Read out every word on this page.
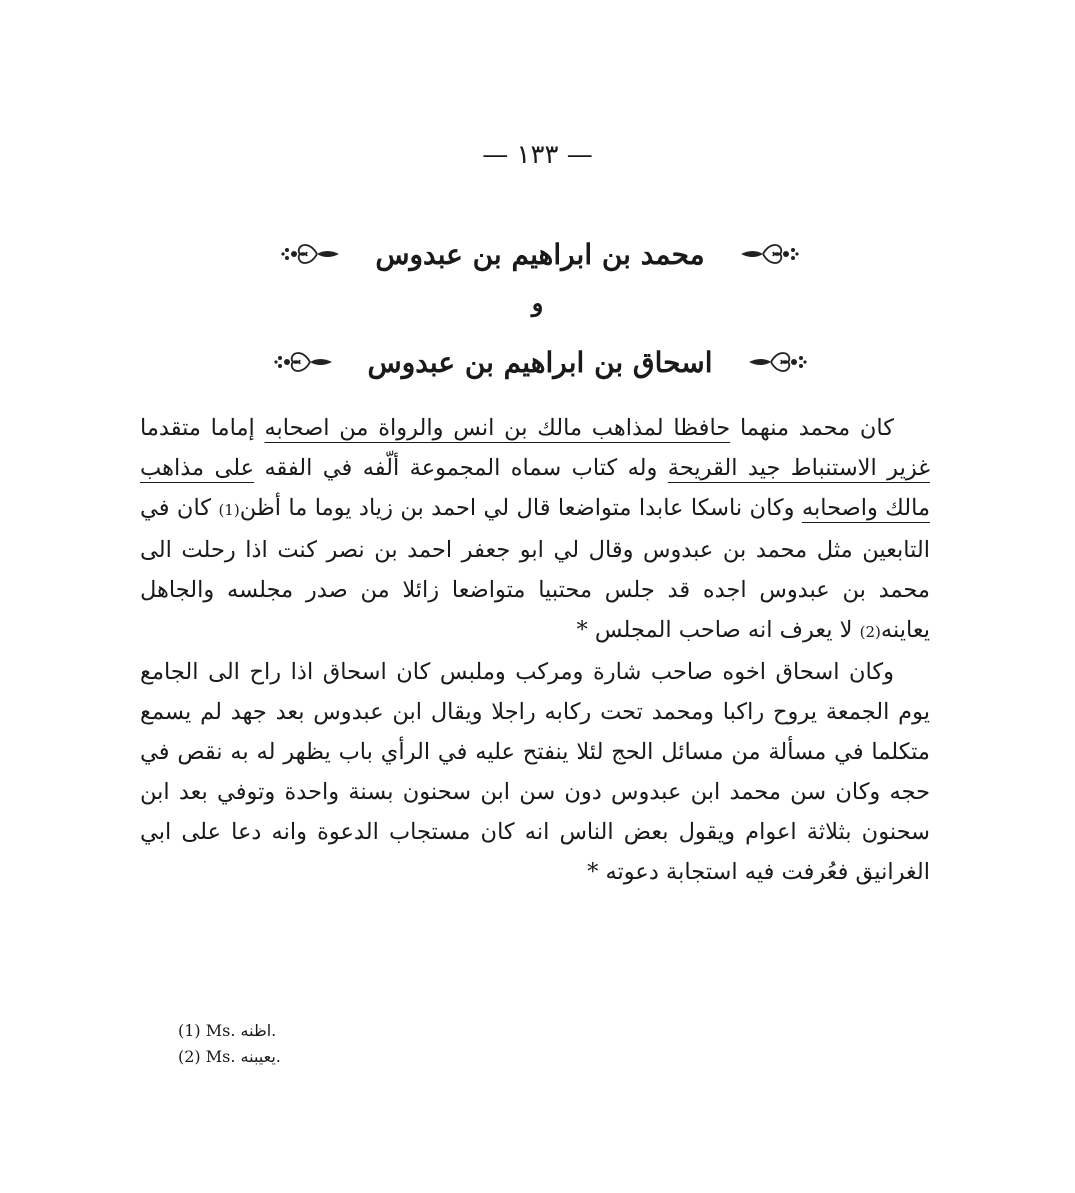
— ١٣٣ —
محمد بن ابراهيم بن عبدوس
و
اسحاق بن ابراهيم بن عبدوس

كان محمد منهما حافظا لمذاهب مالك بن انس والرواة من اصحابه إماما متقدما غزير الاستنباط جيد القريحة وله كتاب سماه المجموعة ألّفه في الفقه على مذاهب مالك واصحابه وكان ناسكا عابدا متواضعا قال لي احمد بن زياد يوما ما أظن(1) كان في التابعين مثل محمد بن عبدوس وقال لي ابو جعفر احمد بن نصر كنت اذا رحلت الى محمد بن عبدوس اجده قد جلس محتبيا متواضعا زائلا من صدر مجلسه والجاهل يعاينه(2) لا يعرف انه صاحب المجلس *

وكان اسحاق اخوه صاحب شارة ومركب وملبس كان اسحاق اذا راح الى الجامع يوم الجمعة يروح راكبا ومحمد تحت ركابه راجلا ويقال ابن عبدوس بعد جهد لم يسمع متكلما في مسألة من مسائل الحج لئلا ينفتح عليه في الرأي باب يظهر له به نقص في حجه وكان سن محمد ابن عبدوس دون سن ابن سحنون بسنة واحدة وتوفي بعد ابن سحنون بثلاثة اعوام ويقول بعض الناس انه كان مستجاب الدعوة وانه دعا على ابي الغرانيق فعُرفت فيه استجابة دعوته *

(1) Ms. اظنه.
(2) Ms. يعيبنه.
